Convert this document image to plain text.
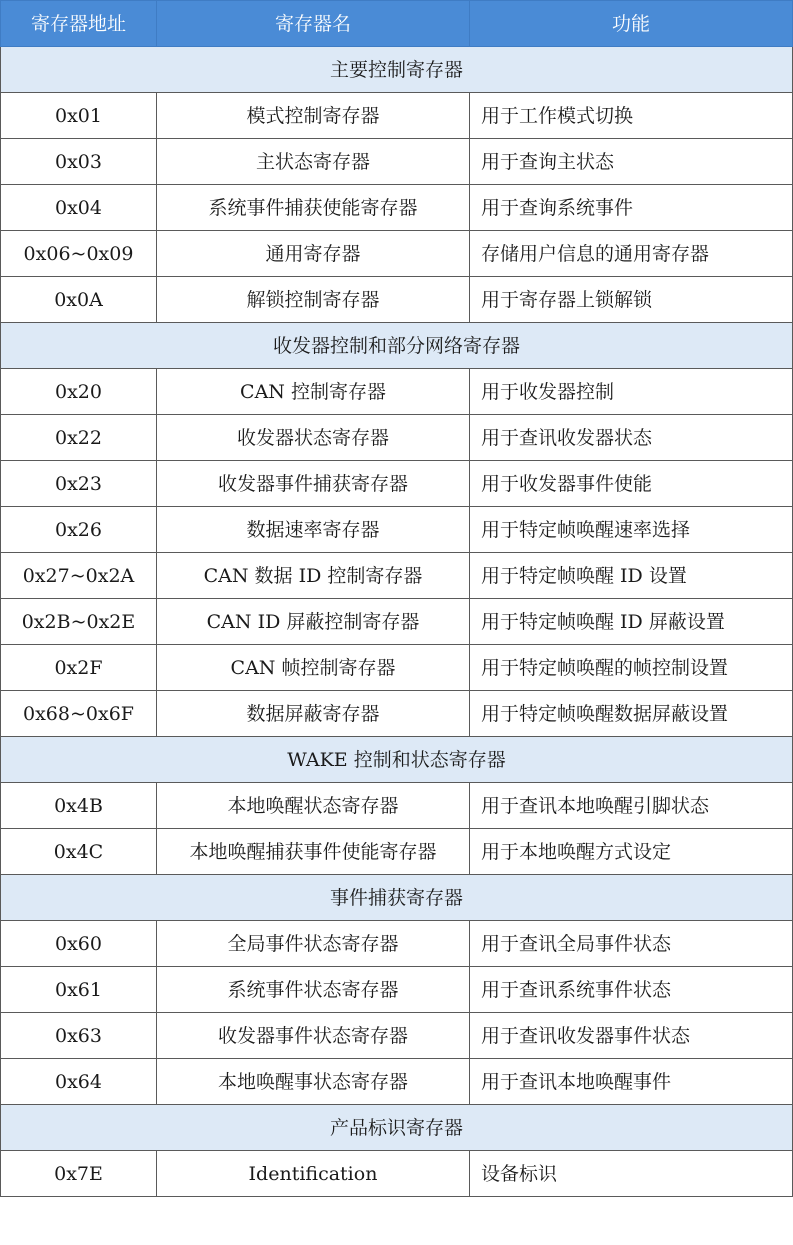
寄存器地址	寄存器名	功能
主要控制寄存器		
0x01	模式控制寄存器	用于工作模式切换
0x03	主状态寄存器	用于查询主状态
0x04	系统事件捕获使能寄存器	用于查询系统事件
0x06~0x09	通用寄存器	存储用户信息的通用寄存器
0x0A	解锁控制寄存器	用于寄存器上锁解锁
收发器控制和部分网络寄存器		
0x20	CAN 控制寄存器	用于收发器控制
0x22	收发器状态寄存器	用于查讯收发器状态
0x23	收发器事件捕获寄存器	用于收发器事件使能
0x26	数据速率寄存器	用于特定帧唤醒速率选择
0x27~0x2A	CAN 数据 ID 控制寄存器	用于特定帧唤醒 ID 设置
0x2B~0x2E	CAN ID 屏蔽控制寄存器	用于特定帧唤醒 ID 屏蔽设置
0x2F	CAN 帧控制寄存器	用于特定帧唤醒的帧控制设置
0x68~0x6F	数据屏蔽寄存器	用于特定帧唤醒数据屏蔽设置
WAKE 控制和状态寄存器		
0x4B	本地唤醒状态寄存器	用于查讯本地唤醒引脚状态
0x4C	本地唤醒捕获事件使能寄存器	用于本地唤醒方式设定
事件捕获寄存器		
0x60	全局事件状态寄存器	用于查讯全局事件状态
0x61	系统事件状态寄存器	用于查讯系统事件状态
0x63	收发器事件状态寄存器	用于查讯收发器事件状态
0x64	本地唤醒事状态寄存器	用于查讯本地唤醒事件
产品标识寄存器		
0x7E	Identification	设备标识
